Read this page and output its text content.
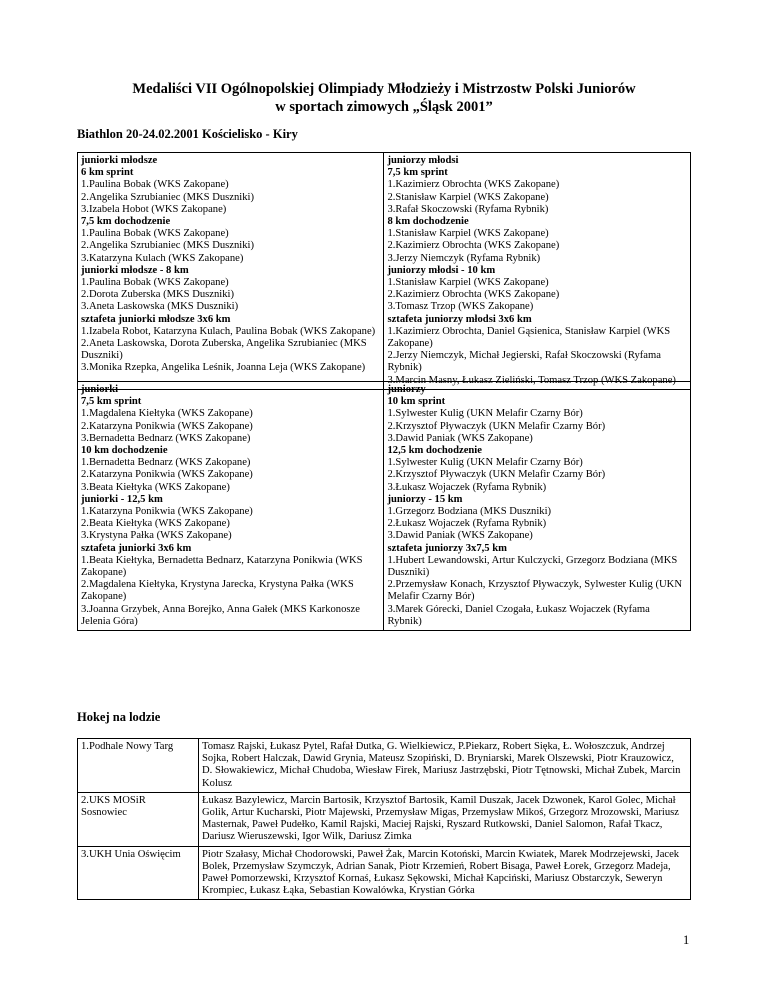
Medaliści VII Ogólnopolskiej Olimpiady Młodzieży i Mistrzostw Polski Juniorów
w sportach zimowych „Śląsk 2001”
Biathlon 20-24.02.2001 Kościelisko - Kiry
juniorki młodsze
6 km sprint
1.Paulina Bobak (WKS Zakopane)
2.Angelika Szrubianiec (MKS Duszniki)
3.Izabela Hobot (WKS Zakopane)
7,5 km dochodzenie
1.Paulina Bobak (WKS Zakopane)
2.Angelika Szrubianiec (MKS Duszniki)
3.Katarzyna Kulach (WKS Zakopane)
juniorki młodsze - 8 km
1.Paulina Bobak (WKS Zakopane)
2.Dorota Zuberska (MKS Duszniki)
3.Aneta Laskowska (MKS Duszniki)
sztafeta juniorki młodsze 3x6 km
1.Izabela Robot, Katarzyna Kulach, Paulina Bobak (WKS Zakopane)
2.Aneta Laskowska, Dorota Zuberska, Angelika Szrubianiec (MKS Duszniki)
3.Monika Rzepka, Angelika Leśnik, Joanna Leja (WKS Zakopane)

juniorzy młodsi
7,5 km sprint
1.Kazimierz Obrochta (WKS Zakopane)
2.Stanisław Karpiel (WKS Zakopane)
3.Rafał Skoczowski (Ryfama Rybnik)
8 km dochodzenie
1.Stanisław Karpiel (WKS Zakopane)
2.Kazimierz Obrochta (WKS Zakopane)
3.Jerzy Niemczyk (Ryfama Rybnik)
juniorzy młodsi - 10 km
1.Stanisław Karpiel (WKS Zakopane)
2.Kazimierz Obrochta (WKS Zakopane)
3.Tomasz Trzop (WKS Zakopane)
sztafeta juniorzy młodsi 3x6 km
1.Kazimierz Obrochta, Daniel Gąsienica, Stanisław Karpiel (WKS Zakopane)
2.Jerzy Niemczyk, Michał Jegierski, Rafał Skoczowski (Ryfama Rybnik)
3.Marcin Masny, Łukasz Zieliński, Tomasz Trzop (WKS Zakopane)
juniorki
7,5 km sprint
1.Magdalena Kiełtyka (WKS Zakopane)
2.Katarzyna Ponikwia (WKS Zakopane)
3.Bernadetta Bednarz (WKS Zakopane)
10 km dochodzenie
1.Bernadetta Bednarz (WKS Zakopane)
2.Katarzyna Ponikwia (WKS Zakopane)
3.Beata Kiełtyka (WKS Zakopane)
juniorki - 12,5 km
1.Katarzyna Ponikwia (WKS Zakopane)
2.Beata Kiełtyka (WKS Zakopane)
3.Krystyna Pałka (WKS Zakopane)
sztafeta juniorki 3x6 km
1.Beata Kiełtyka, Bernadetta Bednarz, Katarzyna Ponikwia (WKS Zakopane)
2.Magdalena Kiełtyka, Krystyna Jarecka, Krystyna Pałka (WKS Zakopane)
3.Joanna Grzybek, Anna Borejko, Anna Gałek (MKS Karkonosze Jelenia Góra)

juniorzy
10 km sprint
1.Sylwester Kulig (UKN Melafir Czarny Bór)
2.Krzysztof Pływaczyk (UKN Melafir Czarny Bór)
3.Dawid Paniak (WKS Zakopane)
12,5 km dochodzenie
1.Sylwester Kulig (UKN Melafir Czarny Bór)
2.Krzysztof Pływaczyk (UKN Melafir Czarny Bór)
3.Łukasz Wojaczek (Ryfama Rybnik)
juniorzy - 15 km
1.Grzegorz Bodziana (MKS Duszniki)
2.Łukasz Wojaczek (Ryfama Rybnik)
3.Dawid Paniak (WKS Zakopane)
sztafeta juniorzy 3x7,5 km
1.Hubert Lewandowski, Artur Kulczycki, Grzegorz Bodziana (MKS Duszniki)
2.Przemysław Konach, Krzysztof Pływaczyk, Sylwester Kulig (UKN Melafir Czarny Bór)
3.Marek Górecki, Daniel Czogała, Łukasz Wojaczek (Ryfama Rybnik)
Hokej na lodzie
1.Podhale Nowy Targ	Tomasz Rajski, Łukasz Pytel, Rafał Dutka, G. Wielkiewicz, P.Piekarz, Robert Sięka, Ł. Wołoszczuk, Andrzej Sojka, Robert Halczak, Dawid Grynia, Mateusz Szopiński, D. Bryniarski, Marek Olszewski, Piotr Krauzowicz, D. Słowakiewicz, Michał Chudoba, Wiesław Firek, Mariusz Jastrzębski, Piotr Tętnowski, Michał Zubek, Marcin Kolusz
2.UKS MOSiR Sosnowiec	Łukasz Bazylewicz, Marcin Bartosik, Krzysztof Bartosik, Kamil Duszak, Jacek Dzwonek, Karol Golec, Michał Golik, Artur Kucharski, Piotr Majewski, Przemysław Migas, Przemysław Mikoś, Grzegorz Mrozowski, Mariusz Masternak, Paweł Pudełko, Kamil Rajski, Maciej Rajski, Ryszard Rutkowski, Daniel Salomon, Rafał Tkacz, Dariusz Wieruszewski, Igor Wilk, Dariusz Zimka
3.UKH Unia Oświęcim	Piotr Szałasy, Michał Chodorowski, Paweł Żak, Marcin Kotoński, Marcin Kwiatek, Marek Modrzejewski, Jacek Bolek, Przemysław Szymczyk, Adrian Sanak, Piotr Krzemień, Robert Bisaga, Paweł Łorek, Grzegorz Madeja, Paweł Pomorzewski, Krzysztof Kornaś, Łukasz Sękowski, Michał Kapciński, Mariusz Obstarczyk, Seweryn Krompiec, Łukasz Łąka, Sebastian Kowalówka, Krystian Górka
1
